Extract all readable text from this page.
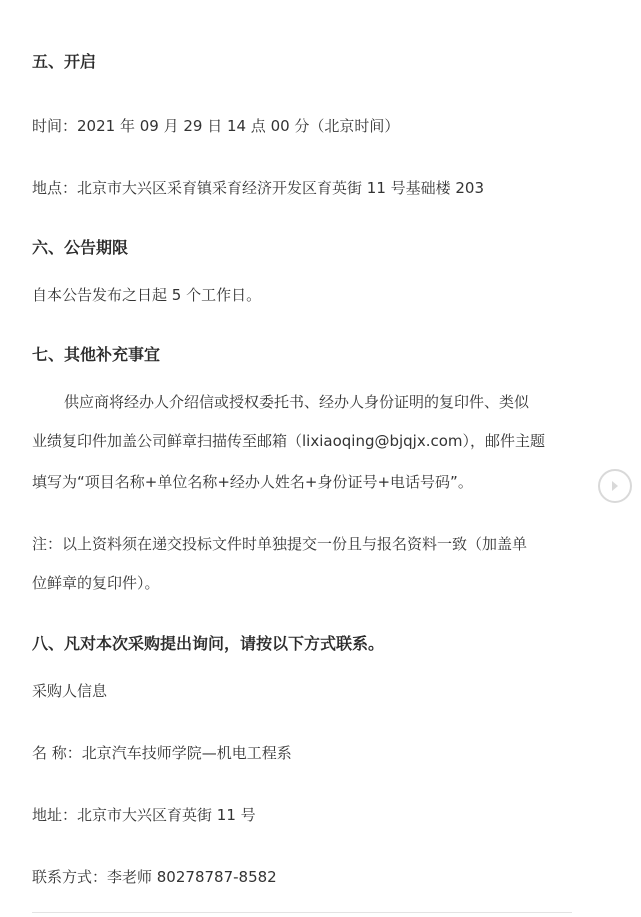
五、开启
时间：2021 年 09 月 29 日 14 点 00 分（北京时间）
地点：北京市大兴区采育镇采育经济开发区育英街 11 号基础楼 203
六、公告期限
自本公告发布之日起 5 个工作日。
七、其他补充事宜
供应商将经办人介绍信或授权委托书、经办人身份证明的复印件、类似
业绩复印件加盖公司鲜章扫描传至邮箱（lixiaoqing@bjqjx.com），邮件主题
填写为“项目名称+单位名称+经办人姓名+身份证号+电话号码”。
注：以上资料须在递交投标文件时单独提交一份且与报名资料一致（加盖单
位鲜章的复印件）。
八、凡对本次采购提出询问，请按以下方式联系。
采购人信息
名 称：北京汽车技师学院—机电工程系
地址：北京市大兴区育英街 11 号
联系方式：李老师 80278787-8582
